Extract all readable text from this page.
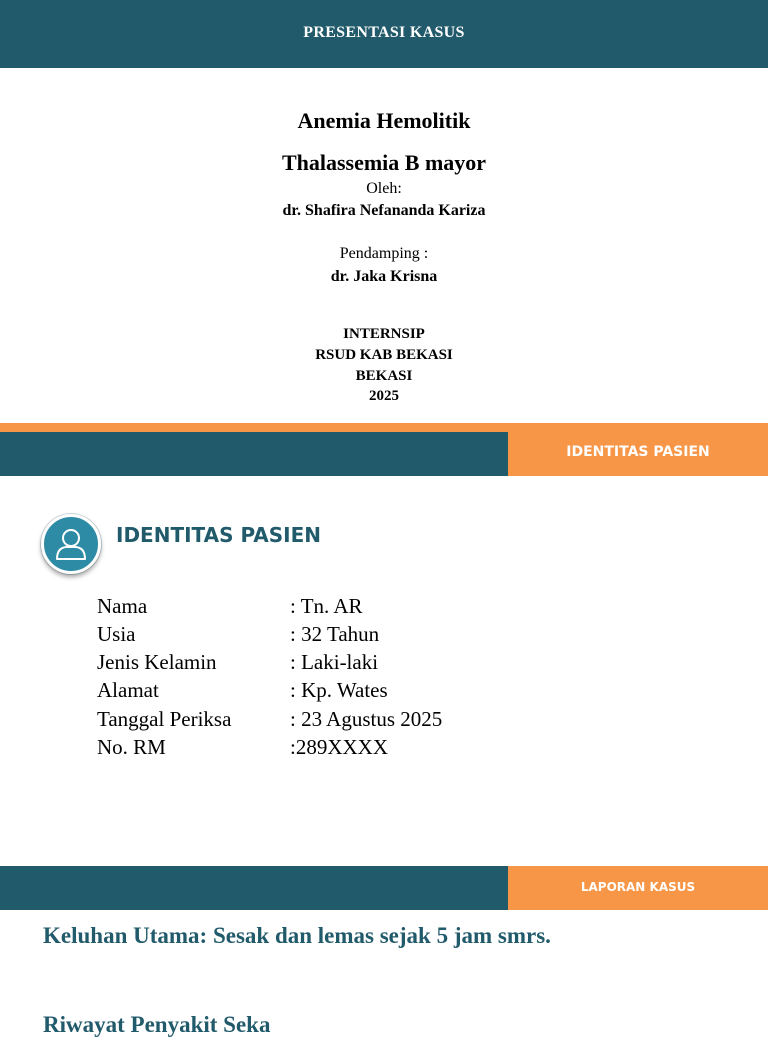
PRESENTASI KASUS
Anemia Hemolitik
Thalassemia B mayor
Oleh:
dr. Shafira Nefananda Kariza
Pendamping :
dr. Jaka Krisna
INTERNSIP
RSUD KAB BEKASI
BEKASI
2025
IDENTITAS PASIEN
IDENTITAS PASIEN
Nama	: Tn. AR
Usia	: 32 Tahun
Jenis Kelamin	: Laki-laki
Alamat	: Kp. Wates
Tanggal Periksa	: 23 Agustus 2025
No. RM	:289XXXX
LAPORAN KASUS
Keluhan Utama: Sesak dan lemas sejak 5 jam smrs.
Riwayat Penyakit Seka
